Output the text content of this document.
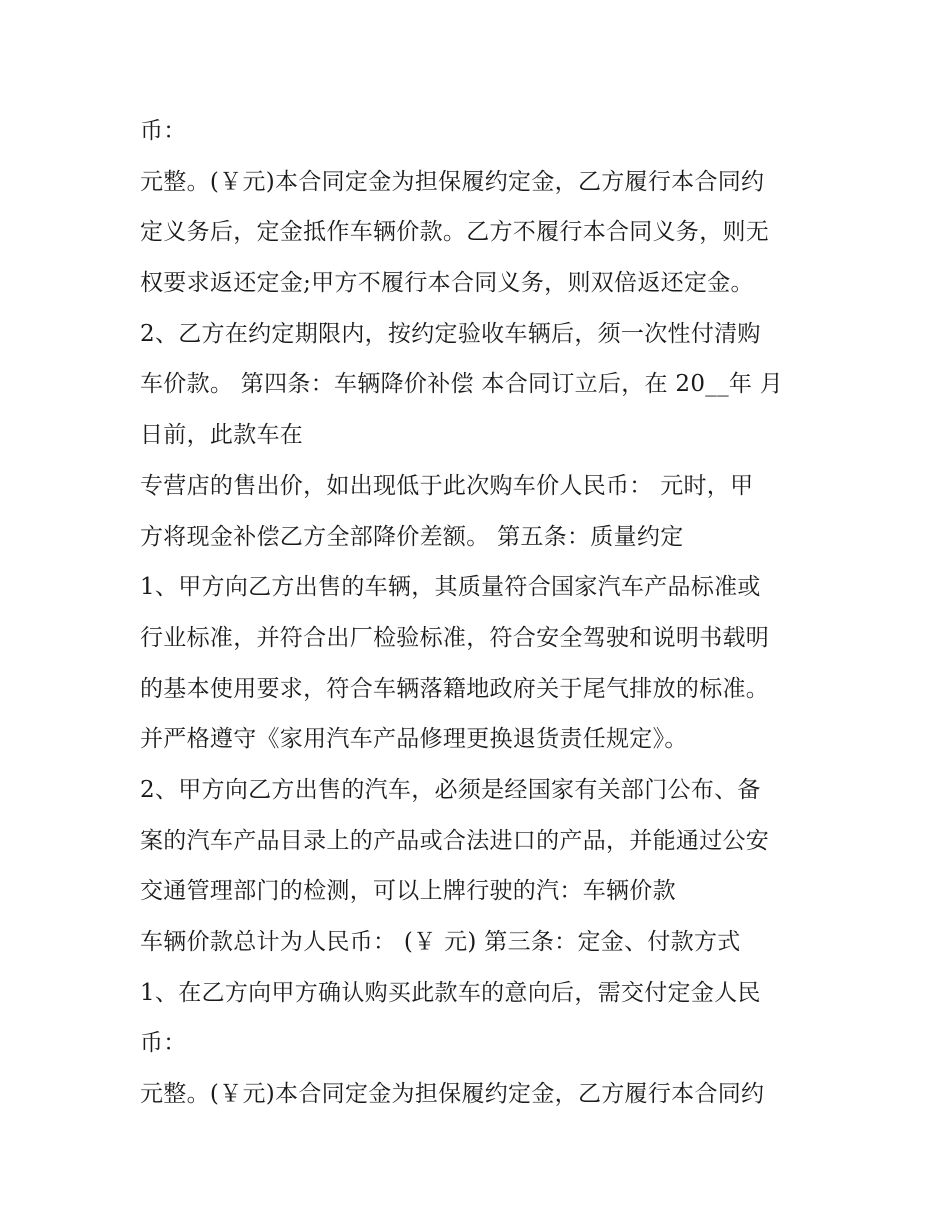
币：
元整。(￥元)本合同定金为担保履约定金，乙方履行本合同约
定义务后，定金抵作车辆价款。乙方不履行本合同义务，则无
权要求返还定金;甲方不履行本合同义务，则双倍返还定金。
2、乙方在约定期限内，按约定验收车辆后，须一次性付清购
车价款。 第四条：车辆降价补偿 本合同订立后，在 20__年 月
日前，此款车在
专营店的售出价，如出现低于此次购车价人民币： 元时，甲
方将现金补偿乙方全部降价差额。 第五条：质量约定
1、甲方向乙方出售的车辆，其质量符合国家汽车产品标准或
行业标准，并符合出厂检验标准，符合安全驾驶和说明书载明
的基本使用要求，符合车辆落籍地政府关于尾气排放的标准。
并严格遵守《家用汽车产品修理更换退货责任规定》。
2、甲方向乙方出售的汽车，必须是经国家有关部门公布、备
案的汽车产品目录上的产品或合法进口的产品，并能通过公安
交通管理部门的检测，可以上牌行驶的汽：车辆价款
车辆价款总计为人民币： (￥ 元) 第三条：定金、付款方式
1、在乙方向甲方确认购买此款车的意向后，需交付定金人民
币：
元整。(￥元)本合同定金为担保履约定金，乙方履行本合同约
